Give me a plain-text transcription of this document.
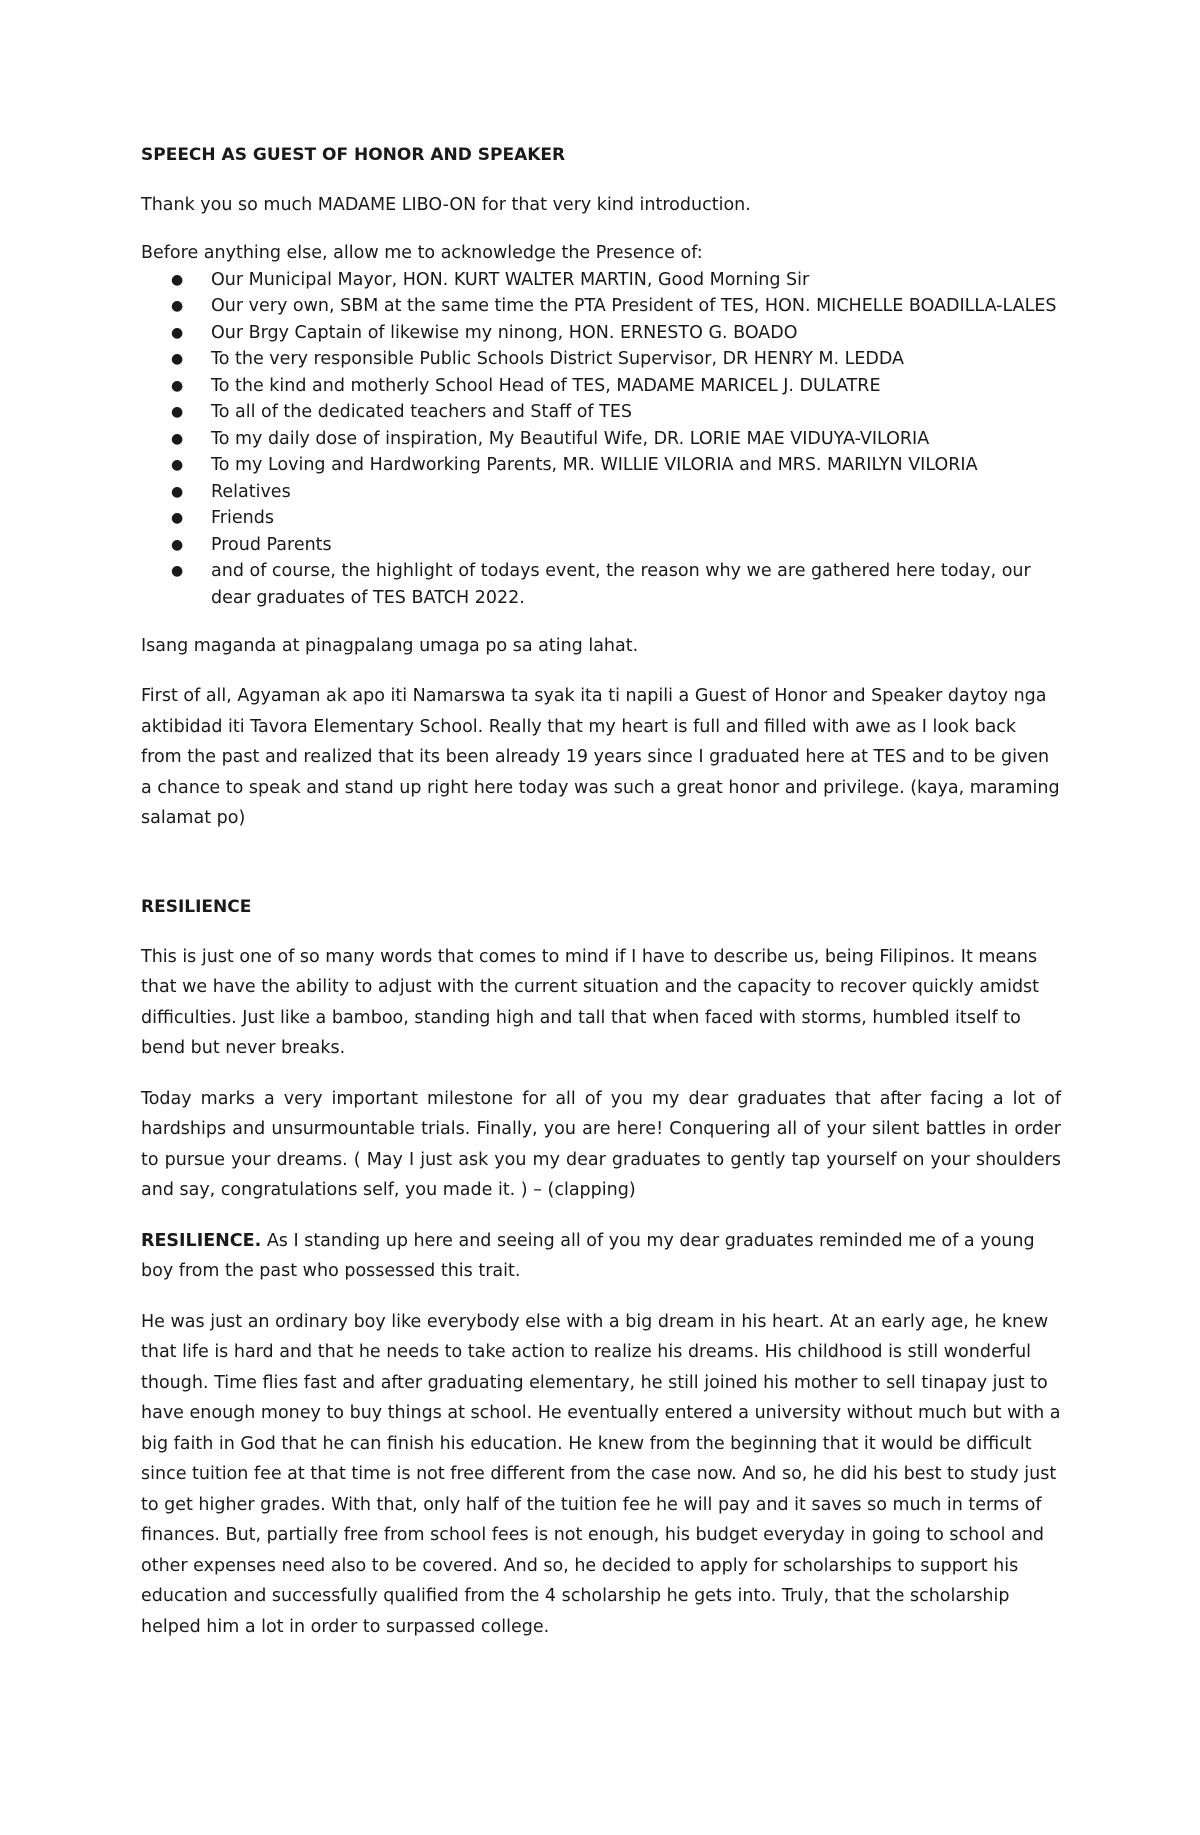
SPEECH AS GUEST OF HONOR AND SPEAKER

Thank you so much MADAME LIBO-ON for that very kind introduction.

Before anything else, allow me to acknowledge the Presence of:

● Our Municipal Mayor, HON. KURT WALTER MARTIN, Good Morning Sir
● Our very own, SBM at the same time the PTA President of TES, HON. MICHELLE BOADILLA-LALES
● Our Brgy Captain of likewise my ninong, HON. ERNESTO G. BOADO
● To the very responsible Public Schools District Supervisor, DR HENRY M. LEDDA
● To the kind and motherly School Head of TES, MADAME MARICEL J. DULATRE
● To all of the dedicated teachers and Staff of TES
● To my daily dose of inspiration, My Beautiful Wife, DR. LORIE MAE VIDUYA-VILORIA
● To my Loving and Hardworking Parents, MR. WILLIE VILORIA and MRS. MARILYN VILORIA
● Relatives
● Friends
● Proud Parents
● and of course, the highlight of todays event, the reason why we are gathered here today, our dear graduates of TES BATCH 2022.

Isang maganda at pinagpalang umaga po sa ating lahat.

First of all, Agyaman ak apo iti Namarswa ta syak ita ti napili a Guest of Honor and Speaker daytoy nga aktibidad iti Tavora Elementary School. Really that my heart is full and filled with awe as I look back from the past and realized that its been already 19 years since I graduated here at TES and to be given a chance to speak and stand up right here today was such a great honor and privilege. (kaya, maraming salamat po)

RESILIENCE

This is just one of so many words that comes to mind if I have to describe us, being Filipinos. It means that we have the ability to adjust with the current situation and the capacity to recover quickly amidst difficulties. Just like a bamboo, standing high and tall that when faced with storms, humbled itself to bend but never breaks.

Today marks a very important milestone for all of you my dear graduates that after facing a lot of hardships and unsurmountable trials. Finally, you are here! Conquering all of your silent battles in order to pursue your dreams. ( May I just ask you my dear graduates to gently tap yourself on your shoulders and say, congratulations self, you made it. ) – (clapping)

RESILIENCE. As I standing up here and seeing all of you my dear graduates reminded me of a young boy from the past who possessed this trait.

He was just an ordinary boy like everybody else with a big dream in his heart. At an early age, he knew that life is hard and that he needs to take action to realize his dreams. His childhood is still wonderful though. Time flies fast and after graduating elementary, he still joined his mother to sell tinapay just to have enough money to buy things at school. He eventually entered a university without much but with a big faith in God that he can finish his education. He knew from the beginning that it would be difficult since tuition fee at that time is not free different from the case now. And so, he did his best to study just to get higher grades. With that, only half of the tuition fee he will pay and it saves so much in terms of finances. But, partially free from school fees is not enough, his budget everyday in going to school and other expenses need also to be covered. And so, he decided to apply for scholarships to support his education and successfully qualified from the 4 scholarship he gets into. Truly, that the scholarship helped him a lot in order to surpassed college.
